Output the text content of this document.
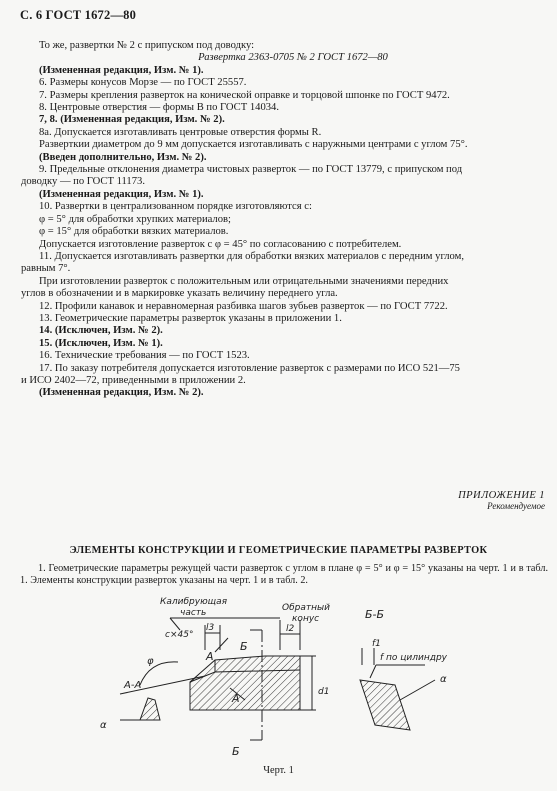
С. 6 ГОСТ 1672—80
То же, развертки № 2 с припуском под доводку:
Развертка 2363-0705 № 2 ГОСТ 1672—80
(Измененная редакция, Изм. № 1).
6. Размеры конусов Морзе — по ГОСТ 25557.
7. Размеры крепления разверток на конической оправке и торцовой шпонке по ГОСТ 9472.
8. Центровые отверстия — формы В по ГОСТ 14034.
7, 8. (Измененная редакция, Изм. № 2).
8а. Допускается изготавливать центровые отверстия формы R.
Разверткии диаметром до 9 мм допускается изготавливать с наружными центрами с углом 75°.
(Введен дополнительно, Изм. № 2).
9. Предельные отклонения диаметра чистовых разверток — по ГОСТ 13779, с припуском под
доводку — по ГОСТ 11173.
(Измененная редакция, Изм. № 1).
10. Развертки в централизованном порядке изготовляются с:
φ = 5° для обработки хрупких материалов;
φ = 15° для обработки вязких материалов.
Допускается изготовление разверток с φ = 45° по согласованию с потребителем.
11. Допускается изготавливать развертки для обработки вязких материалов с передним углом,
равным 7°.
При изготовлении разверток с положительным или отрицательными значениями передних
углов в обозначении и в маркировке указать величину переднего угла.
12. Профили канавок и неравномерная разбивка шагов зубьев разверток — по ГОСТ 7722.
13. Геометрические параметры разверток указаны в приложении 1.
14. (Исключен, Изм. № 2).
15. (Исключен, Изм. № 1).
16. Технические требования — по ГОСТ 1523.
17. По заказу потребителя допускается изготовление разверток с размерами по ИСО 521—75
и ИСО 2402—72, приведенными в приложении 2.
(Измененная редакция, Изм. № 2).
ПРИЛОЖЕНИЕ 1
Рекомендуемое
ЭЛЕМЕНТЫ КОНСТРУКЦИИ И ГЕОМЕТРИЧЕСКИЕ ПАРАМЕТРЫ РАЗВЕРТОК
1. Геометрические параметры режущей части разверток с углом в плане φ = 5° и φ = 15° указаны на черт. 1 и в табл. 1. Элементы конструкции разверток указаны на черт. 1 и в табл. 2.
Калибрующая
часть	Обратный
конус
c×45°
l3	l2
Б
Б
А
А
φ
А-А
d1
α
Б-Б
f1
f по цилиндру
α
Черт. 1
